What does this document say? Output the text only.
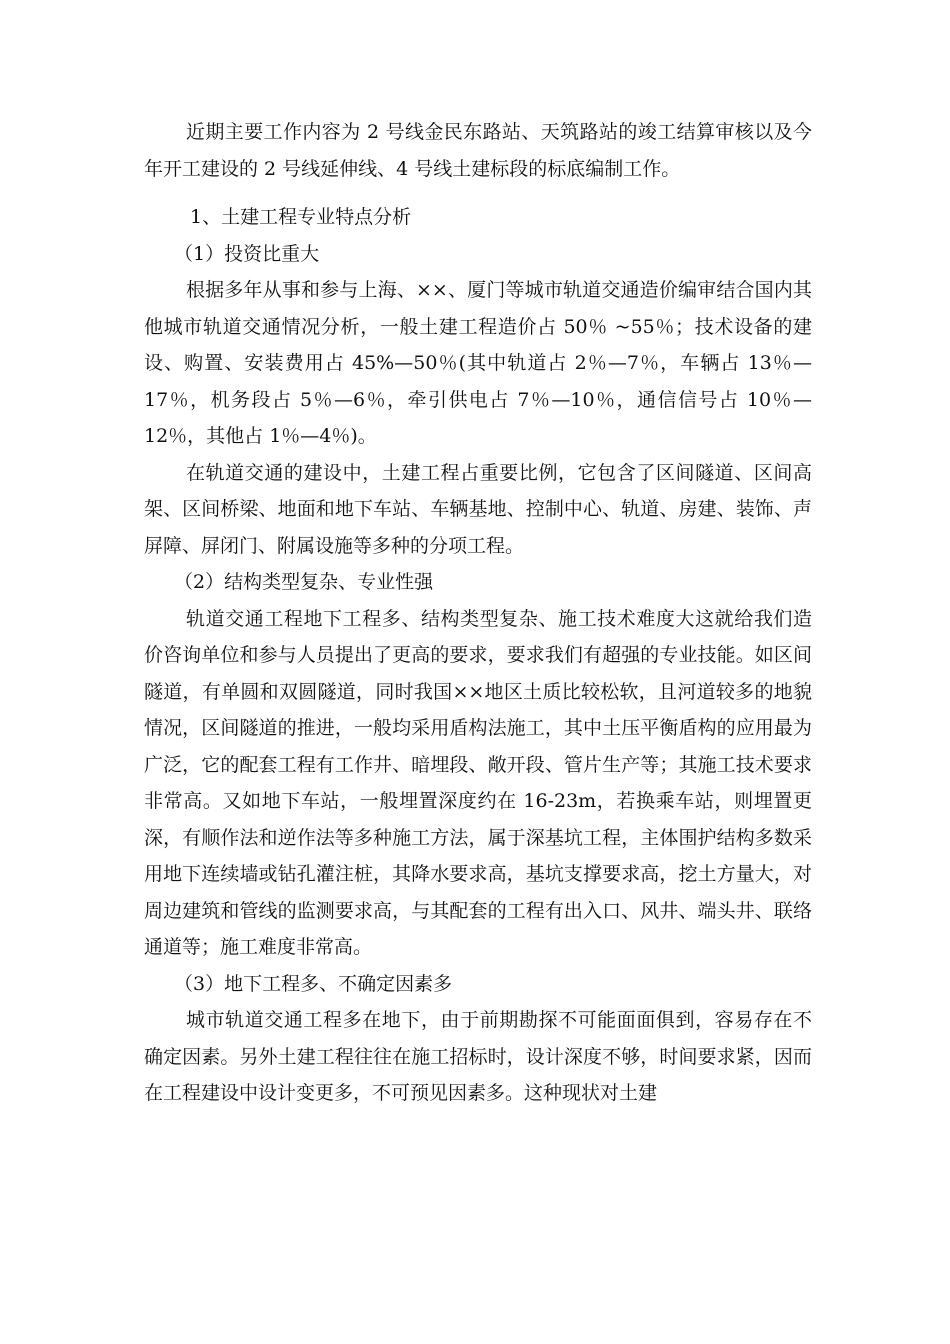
近期主要工作内容为 2 号线金民东路站、天筑路站的竣工结算审核以及今年开工建设的 2 号线延伸线、4 号线土建标段的标底编制工作。

1、土建工程专业特点分析

（1）投资比重大

根据多年从事和参与上海、××、厦门等城市轨道交通造价编审结合国内其他城市轨道交通情况分析，一般土建工程造价占 50％ ~55％；技术设备的建设、购置、安装费用占 45%—50％(其中轨道占 2％—7％，车辆占 13％—17％，机务段占 5％—6％，牵引供电占 7％—10％，通信信号占 10％—12％，其他占 1％—4％)。

在轨道交通的建设中，土建工程占重要比例，它包含了区间隧道、区间高架、区间桥梁、地面和地下车站、车辆基地、控制中心、轨道、房建、装饰、声屏障、屏闭门、附属设施等多种的分项工程。

（2）结构类型复杂、专业性强

轨道交通工程地下工程多、结构类型复杂、施工技术难度大这就给我们造价咨询单位和参与人员提出了更高的要求，要求我们有超强的专业技能。如区间隧道，有单圆和双圆隧道，同时我国××地区土质比较松软，且河道较多的地貌情况，区间隧道的推进，一般均采用盾构法施工，其中土压平衡盾构的应用最为广泛，它的配套工程有工作井、暗埋段、敞开段、管片生产等；其施工技术要求非常高。又如地下车站，一般埋置深度约在 16-23m，若换乘车站，则埋置更深，有顺作法和逆作法等多种施工方法，属于深基坑工程，主体围护结构多数采用地下连续墙或钻孔灌注桩，其降水要求高，基坑支撑要求高，挖土方量大，对周边建筑和管线的监测要求高，与其配套的工程有出入口、风井、端头井、联络通道等；施工难度非常高。

（3）地下工程多、不确定因素多

城市轨道交通工程多在地下，由于前期勘探不可能面面俱到，容易存在不确定因素。另外土建工程往往在施工招标时，设计深度不够，时间要求紧，因而在工程建设中设计变更多，不可预见因素多。这种现状对土建
